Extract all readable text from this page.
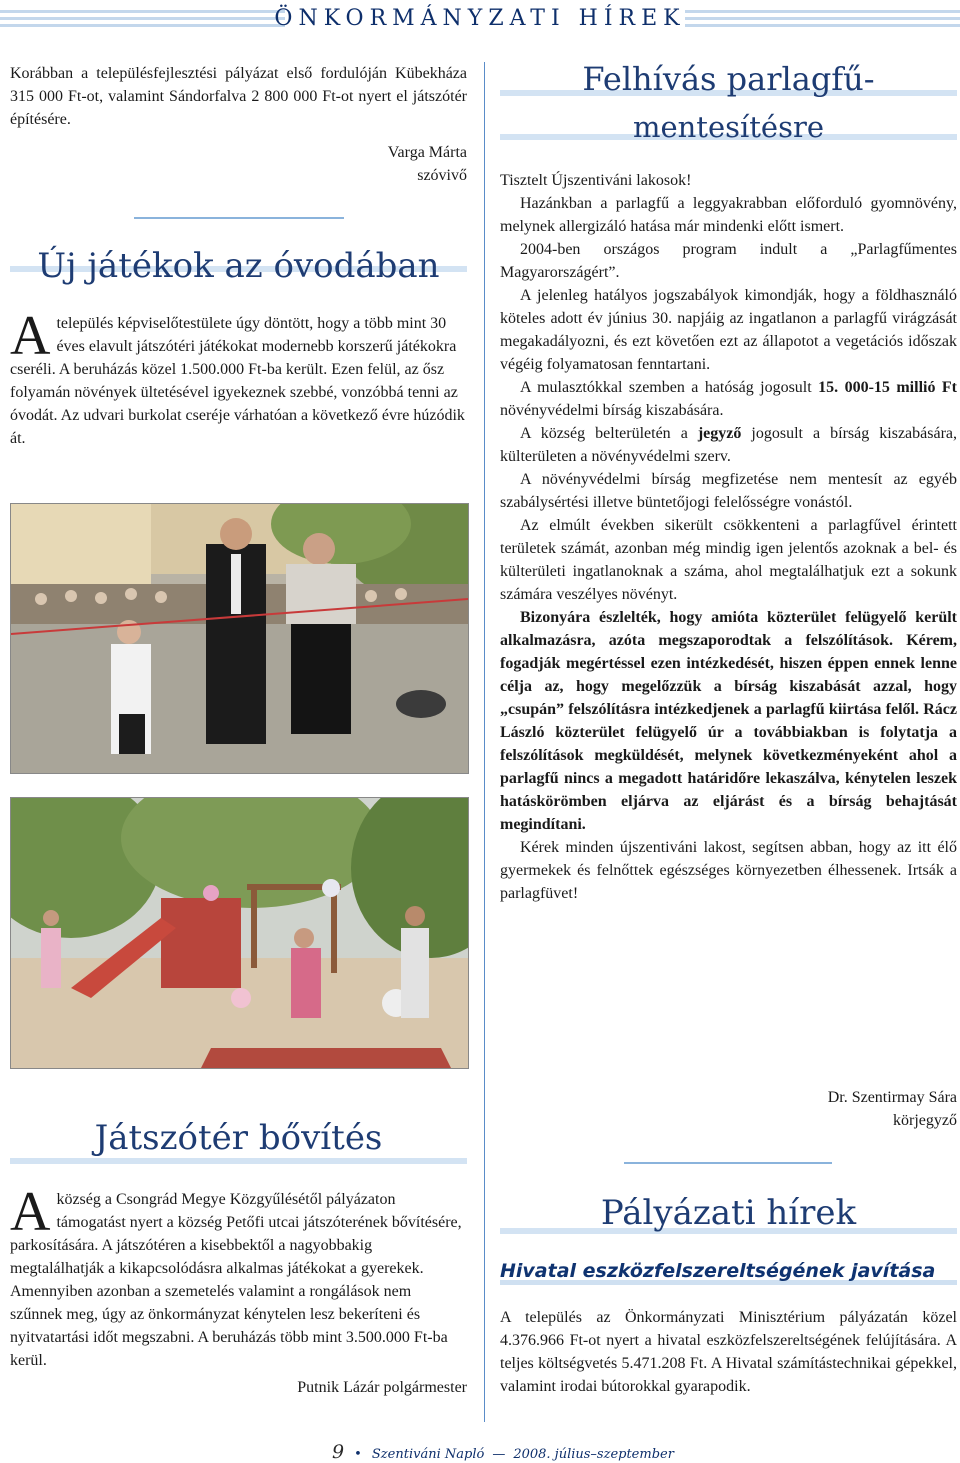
ÖNKORMÁNYZATI HÍREK

Korábban a településfejlesztési pályázat első fordulóján Kübekháza 315 000 Ft-ot, valamint Sándorfalva 2 800 000 Ft-ot nyert el játszótér építésére.

Varga Márta
szóvivő
Új játékok az óvodában
A település képviselőtestülete úgy döntött, hogy a több mint 30 éves elavult játszótéri játékokat modernebb korszerű játékokra cseréli. A beruházás közel 1.500.000 Ft-ba került. Ezen felül, az ősz folyamán növények ültetésével igyekeznek szebbé, vonzóbbá tenni az óvodát. Az udvari burkolat cseréje várhatóan a következő évre húzódik át.

Játszótér bővítés
A község a Csongrád Megye Közgyűlésétől pályázaton támogatást nyert a község Petőfi utcai játszóterének bővítésére, parkosítására. A játszótéren a kisebbektől a nagyobbakig megtalálhatják a kikapcsolódásra alkalmas játékokat a gyerekek. Amennyiben azonban a szemetelés valamint a rongálások nem szűnnek meg, úgy az önkormányzat kénytelen lesz bekeríteni és nyitvatartási időt megszabni. A beruházás több mint 3.500.000 Ft-ba kerül.

Putnik Lázár polgármester
Felhívás parlagfű-
mentesítésre

Tisztelt Újszentiváni lakosok!

Hazánkban a parlagfű a leggyakrabban előforduló gyomnövény, melynek allergizáló hatása már mindenki előtt ismert.

2004-ben országos program indult a „Parlagfűmentes Magyarországért”.

A jelenleg hatályos jogszabályok kimondják, hogy a földhasználó köteles adott év június 30. napjáig az ingatlanon a parlagfű virágzását megakadályozni, és ezt követően ezt az állapotot a vegetációs időszak végéig folyamatosan fenntartani.

A mulasztókkal szemben a hatóság jogosult 15. 000-15 millió Ft növényvédelmi bírság kiszabására.

A község belterületén a jegyző jogosult a bírság kiszabására, külterületen a növényvédelmi szerv.

A növényvédelmi bírság megfizetése nem mentesít az egyéb szabálysértési illetve büntetőjogi felelősségre vonástól.

Az elmúlt években sikerült csökkenteni a parlagfűvel érintett területek számát, azonban még mindig igen jelentős azoknak a bel- és külterületi ingatlanoknak a száma, ahol megtalálhatjuk ezt a sokunk számára veszélyes növényt.

Bizonyára észlelték, hogy amióta közterület felügyelő került alkalmazásra, azóta megszaporodtak a felszólítások. Kérem, fogadják megértéssel ezen intézkedését, hiszen éppen ennek lenne célja az, hogy megelőzzük a bírság kiszabását azzal, hogy „csupán” felszólításra intézkedjenek a parlagfű kiirtása felől. Rácz László közterület felügyelő úr a továbbiakban is folytatja a felszólítások megküldését, melynek következményeként ahol a parlagfű nincs a megadott határidőre lekaszálva, kénytelen leszek hatáskörömben eljárva az eljárást és a bírság behajtását megindítani.

Kérek minden újszentiváni lakost, segítsen abban, hogy az itt élő gyermekek és felnőttek egészséges környezetben élhessenek. Irtsák a parlagfüvet!

Dr. Szentirmay Sára
körjegyző
Pályázati hírek
Hivatal eszközfelszereltségének javítása

A település az Önkormányzati Minisztérium pályázatán közel 4.376.966 Ft-ot nyert a hivatal eszközfelszereltségének felújítására. A teljes költségvetés 5.471.208 Ft. A Hivatal számítástechnikai gépekkel, valamint irodai bútorokkal gyarapodik.

9 • Szentiváni Napló — 2008. július–szeptember
